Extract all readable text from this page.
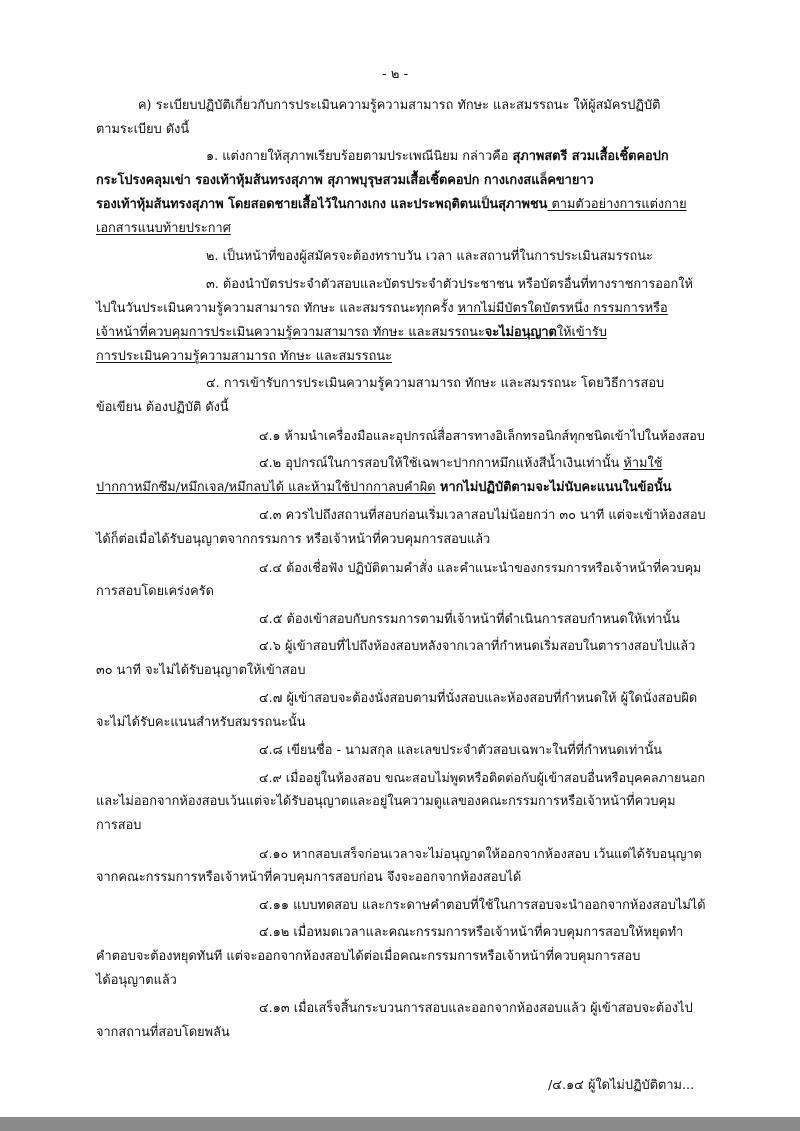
- ๒ -

ค) ระเบียบปฏิบัติเกี่ยวกับการประเมินความรู้ความสามารถ ทักษะ และสมรรถนะ ให้ผู้สมัครปฏิบัติ

ตามระเบียบ ดังนี้

๑. แต่งกายให้สุภาพเรียบร้อยตามประเพณีนิยม กล่าวคือ สุภาพสตรี สวมเสื้อเชิ้ตคอปก

กระโปรงคลุมเข่า รองเท้าหุ้มส้นทรงสุภาพ สุภาพบุรุษสวมเสื้อเชิ้ตคอปก กางเกงสแล็คขายาว

รองเท้าหุ้มส้นทรงสุภาพ โดยสอดชายเสื้อไว้ในกางเกง และประพฤติตนเป็นสุภาพชน ตามตัวอย่างการแต่งกาย

เอกสารแนบท้ายประกาศ

๒. เป็นหน้าที่ของผู้สมัครจะต้องทราบวัน เวลา และสถานที่ในการประเมินสมรรถนะ

๓. ต้องนำบัตรประจำตัวสอบและบัตรประจำตัวประชาชน หรือบัตรอื่นที่ทางราชการออกให้

ไปในวันประเมินความรู้ความสามารถ ทักษะ และสมรรถนะทุกครั้ง หากไม่มีบัตรใดบัตรหนึ่ง กรรมการหรือ

เจ้าหน้าที่ควบคุมการประเมินความรู้ความสามารถ ทักษะ และสมรรถนะจะไม่อนุญาตให้เข้ารับ

การประเมินความรู้ความสามารถ ทักษะ และสมรรถนะ

๔. การเข้ารับการประเมินความรู้ความสามารถ ทักษะ และสมรรถนะ โดยวิธีการสอบ

ข้อเขียน ต้องปฏิบัติ ดังนี้

๔.๑ ห้ามนำเครื่องมือและอุปกรณ์สื่อสารทางอิเล็กทรอนิกส์ทุกชนิดเข้าไปในห้องสอบ

๔.๒ อุปกรณ์ในการสอบให้ใช้เฉพาะปากกาหมึกแห้งสีน้ำเงินเท่านั้น ห้ามใช้

ปากกาหมึกซึม/หมึกเจล/หมึกลบได้ และห้ามใช้ปากกาลบคำผิด หากไม่ปฏิบัติตามจะไม่นับคะแนนในข้อนั้น

๔.๓ ควรไปถึงสถานที่สอบก่อนเริ่มเวลาสอบไม่น้อยกว่า ๓๐ นาที แต่จะเข้าห้องสอบ

ได้ก็ต่อเมื่อได้รับอนุญาตจากกรรมการ หรือเจ้าหน้าที่ควบคุมการสอบแล้ว

๔.๔ ต้องเชื่อฟัง ปฏิบัติตามคำสั่ง และคำแนะนำของกรรมการหรือเจ้าหน้าที่ควบคุม

การสอบโดยเคร่งครัด

๔.๕ ต้องเข้าสอบกับกรรมการตามที่เจ้าหน้าที่ดำเนินการสอบกำหนดให้เท่านั้น

๔.๖ ผู้เข้าสอบที่ไปถึงห้องสอบหลังจากเวลาที่กำหนดเริ่มสอบในตารางสอบไปแล้ว

๓๐ นาที จะไม่ได้รับอนุญาตให้เข้าสอบ

๔.๗ ผู้เข้าสอบจะต้องนั่งสอบตามที่นั่งสอบและห้องสอบที่กำหนดให้ ผู้ใดนั่งสอบผิด

จะไม่ได้รับคะแนนสำหรับสมรรถนะนั้น

๔.๘ เขียนชื่อ - นามสกุล และเลขประจำตัวสอบเฉพาะในที่ที่กำหนดเท่านั้น

๔.๙ เมื่ออยู่ในห้องสอบ ขณะสอบไม่พูดหรือติดต่อกับผู้เข้าสอบอื่นหรือบุคคลภายนอก

และไม่ออกจากห้องสอบเว้นแต่จะได้รับอนุญาตและอยู่ในความดูแลของคณะกรรมการหรือเจ้าหน้าที่ควบคุม

การสอบ

๔.๑๐ หากสอบเสร็จก่อนเวลาจะไม่อนุญาตให้ออกจากห้องสอบ เว้นแต่ได้รับอนุญาต

จากคณะกรรมการหรือเจ้าหน้าที่ควบคุมการสอบก่อน จึงจะออกจากห้องสอบได้

๔.๑๑ แบบทดสอบ และกระดาษคำตอบที่ใช้ในการสอบจะนำออกจากห้องสอบไม่ได้

๔.๑๒ เมื่อหมดเวลาและคณะกรรมการหรือเจ้าหน้าที่ควบคุมการสอบให้หยุดทำ

คำตอบจะต้องหยุดทันที แต่จะออกจากห้องสอบได้ต่อเมื่อคณะกรรมการหรือเจ้าหน้าที่ควบคุมการสอบ

ได้อนุญาตแล้ว

๔.๑๓ เมื่อเสร็จสิ้นกระบวนการสอบและออกจากห้องสอบแล้ว ผู้เข้าสอบจะต้องไป

จากสถานที่สอบโดยพลัน

/๔.๑๔ ผู้ใดไม่ปฏิบัติตาม...
